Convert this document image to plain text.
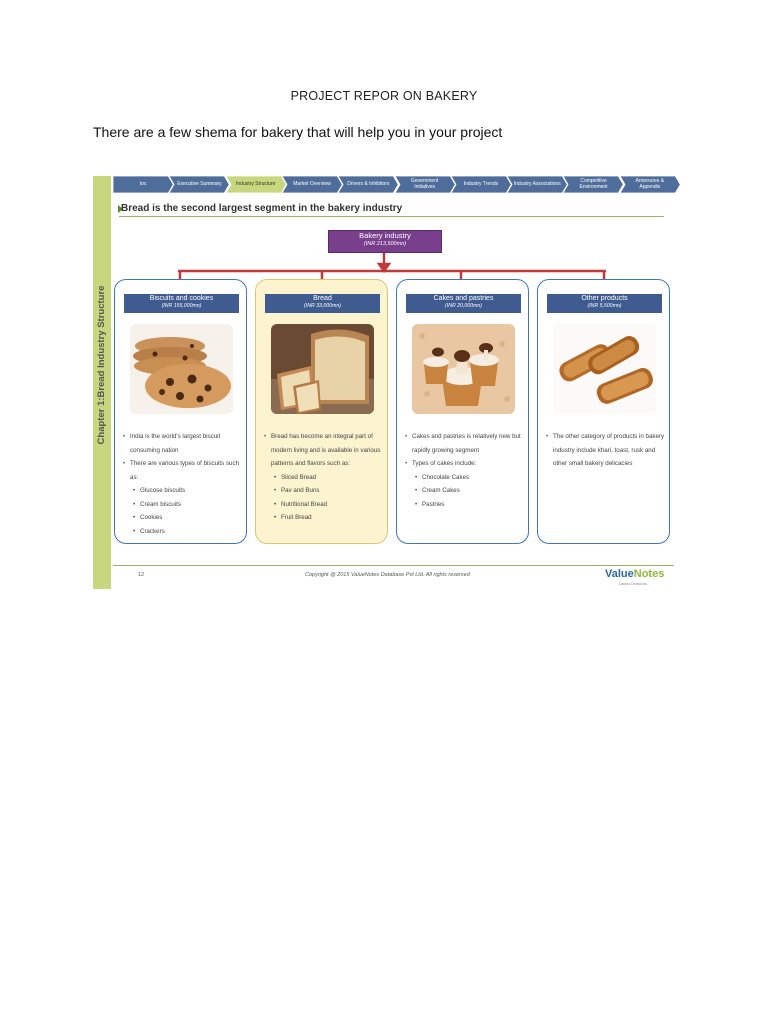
PROJECT REPOR ON BAKERY
There are a few shema for bakery that will help you in your project
Chapter 1:Bread Industry Structure
toc	Executive Summary	Industry Structure	Market Overview	Drivers & Inhibitors	Government Initiatives	Industry Trends	Industry Associations	Competitive Environment
Annexures & Appendix
Bread is the second largest segment in the bakery industry
Bakery industry
(INR 213,500mn)
Biscuits and cookies
(INR 155,000mn)
• India is the world's largest biscuit consuming nation
• There are various types of biscuits such as:
• Glucose biscuits
• Cream biscuits
• Cookies
• Crackers
Bread
(INR 33,000mn)
• Bread has become an integral part of modern living and is available in various patterns and flavors such as:
• Sliced Bread
• Pav and Buns
• Nutritional Bread
• Fruit Bread
Cakes and pastries
(INR 20,000mn)
• Cakes and pastries is relatively new but rapidly growing segment
• Types of cakes include:
• Chocolate Cakes
• Cream Cakes
• Pastries
Other products
(INR 5,500mn)
• The other category of products in bakery industry include khari, toast, rusk and other small bakery delicacies
12	Copyright @ 2015 ValueNotes Database Pvt Ltd. All rights reserved	ValueNotes
Data to Decisions...
